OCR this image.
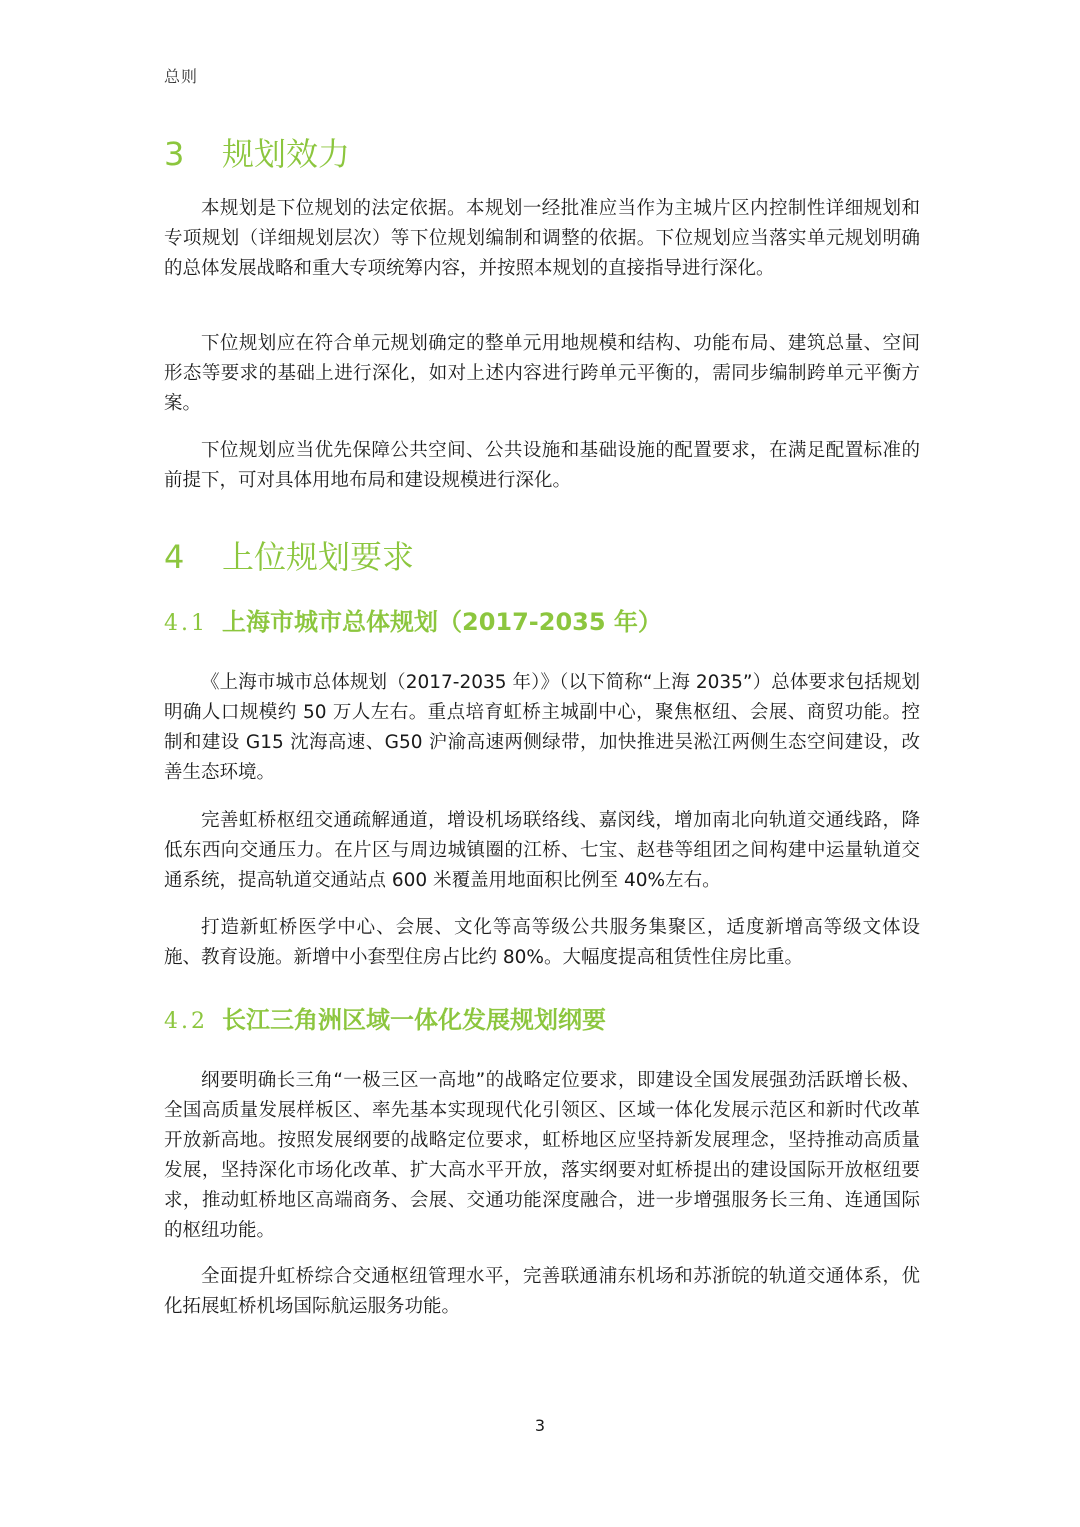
总则
3 规划效力

本规划是下位规划的法定依据。本规划一经批准应当作为主城片区内控制性详细规划和专项规划（详细规划层次）等下位规划编制和调整的依据。下位规划应当落实单元规划明确的总体发展战略和重大专项统筹内容，并按照本规划的直接指导进行深化。

下位规划应在符合单元规划确定的整单元用地规模和结构、功能布局、建筑总量、空间形态等要求的基础上进行深化，如对上述内容进行跨单元平衡的，需同步编制跨单元平衡方案。

下位规划应当优先保障公共空间、公共设施和基础设施的配置要求，在满足配置标准的前提下，可对具体用地布局和建设规模进行深化。

4 上位规划要求
4.1 上海市城市总体规划（2017-2035 年）

《上海市城市总体规划（2017-2035 年）》（以下简称“上海 2035”）总体要求包括规划明确人口规模约 50 万人左右。重点培育虹桥主城副中心，聚焦枢纽、会展、商贸功能。控制和建设 G15 沈海高速、G50 沪渝高速两侧绿带，加快推进吴淞江两侧生态空间建设，改善生态环境。

完善虹桥枢纽交通疏解通道，增设机场联络线、嘉闵线，增加南北向轨道交通线路，降低东西向交通压力。在片区与周边城镇圈的江桥、七宝、赵巷等组团之间构建中运量轨道交通系统，提高轨道交通站点 600 米覆盖用地面积比例至 40%左右。

打造新虹桥医学中心、会展、文化等高等级公共服务集聚区，适度新增高等级文体设施、教育设施。新增中小套型住房占比约 80%。大幅度提高租赁性住房比重。

4.2 长江三角洲区域一体化发展规划纲要

纲要明确长三角“一极三区一高地”的战略定位要求，即建设全国发展强劲活跃增长极、全国高质量发展样板区、率先基本实现现代化引领区、区域一体化发展示范区和新时代改革开放新高地。按照发展纲要的战略定位要求，虹桥地区应坚持新发展理念，坚持推动高质量发展，坚持深化市场化改革、扩大高水平开放，落实纲要对虹桥提出的建设国际开放枢纽要求，推动虹桥地区高端商务、会展、交通功能深度融合，进一步增强服务长三角、连通国际的枢纽功能。

全面提升虹桥综合交通枢纽管理水平，完善联通浦东机场和苏浙皖的轨道交通体系，优化拓展虹桥机场国际航运服务功能。

3
